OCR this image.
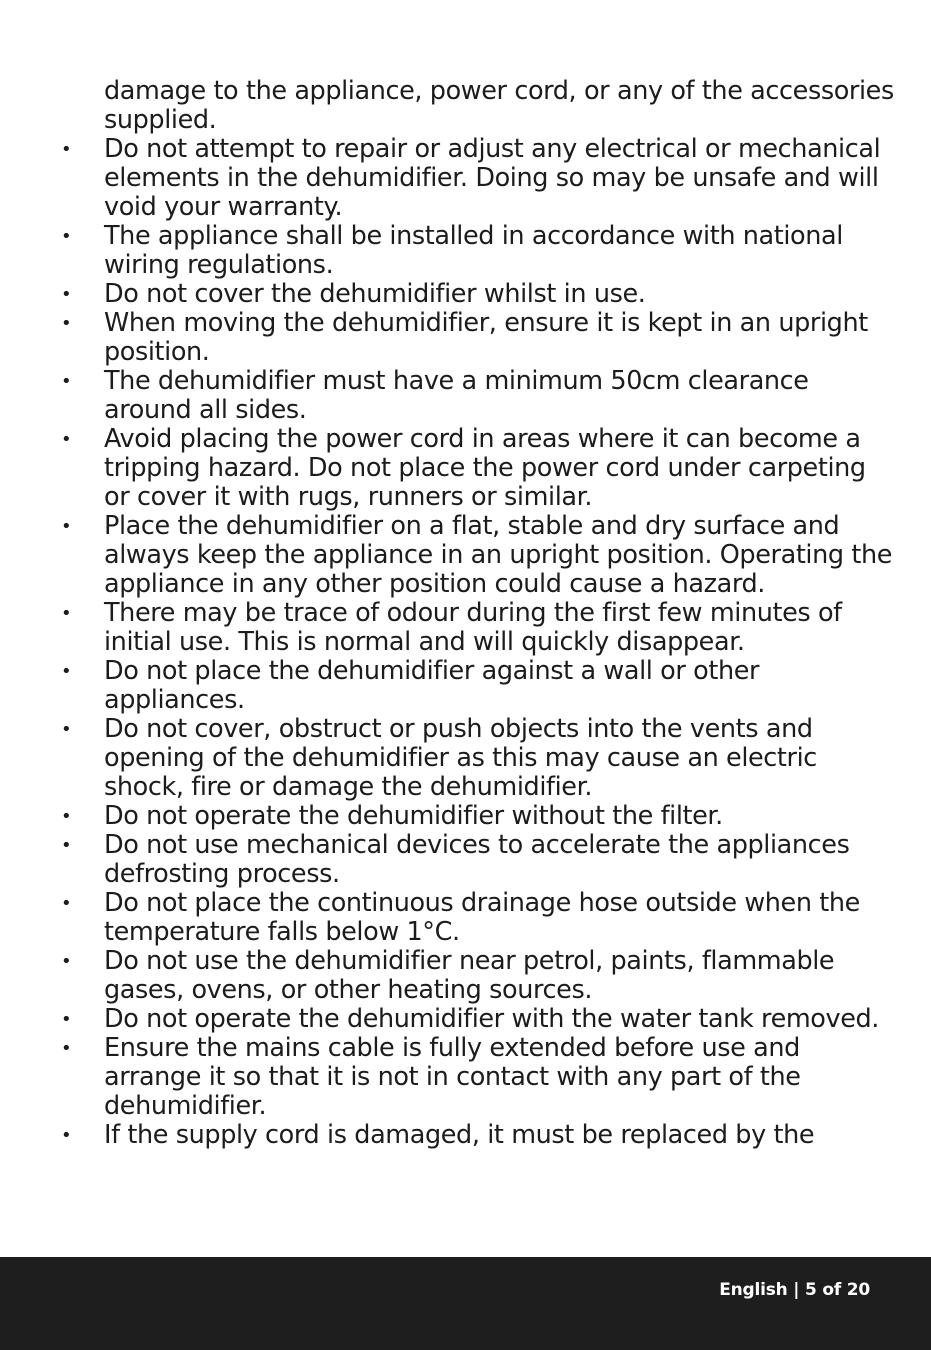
damage to the appliance, power cord, or any of the accessories supplied.

• Do not attempt to repair or adjust any electrical or mechanical elements in the dehumidifier. Doing so may be unsafe and will void your warranty.
• The appliance shall be installed in accordance with national wiring regulations.
• Do not cover the dehumidifier whilst in use.
• When moving the dehumidifier, ensure it is kept in an upright position.
• The dehumidifier must have a minimum 50cm clearance around all sides.
• Avoid placing the power cord in areas where it can become a tripping hazard. Do not place the power cord under carpeting or cover it with rugs, runners or similar.
• Place the dehumidifier on a flat, stable and dry surface and always keep the appliance in an upright position. Operating the appliance in any other position could cause a hazard.
• There may be trace of odour during the first few minutes of initial use. This is normal and will quickly disappear.
• Do not place the dehumidifier against a wall or other appliances.
• Do not cover, obstruct or push objects into the vents and opening of the dehumidifier as this may cause an electric shock, fire or damage the dehumidifier.
• Do not operate the dehumidifier without the filter.
• Do not use mechanical devices to accelerate the appliances defrosting process.
• Do not place the continuous drainage hose outside when the temperature falls below 1°C.
• Do not use the dehumidifier near petrol, paints, flammable gases, ovens, or other heating sources.
• Do not operate the dehumidifier with the water tank removed.
• Ensure the mains cable is fully extended before use and arrange it so that it is not in contact with any part of the dehumidifier.
• If the supply cord is damaged, it must be replaced by the
English | 5 of 20
